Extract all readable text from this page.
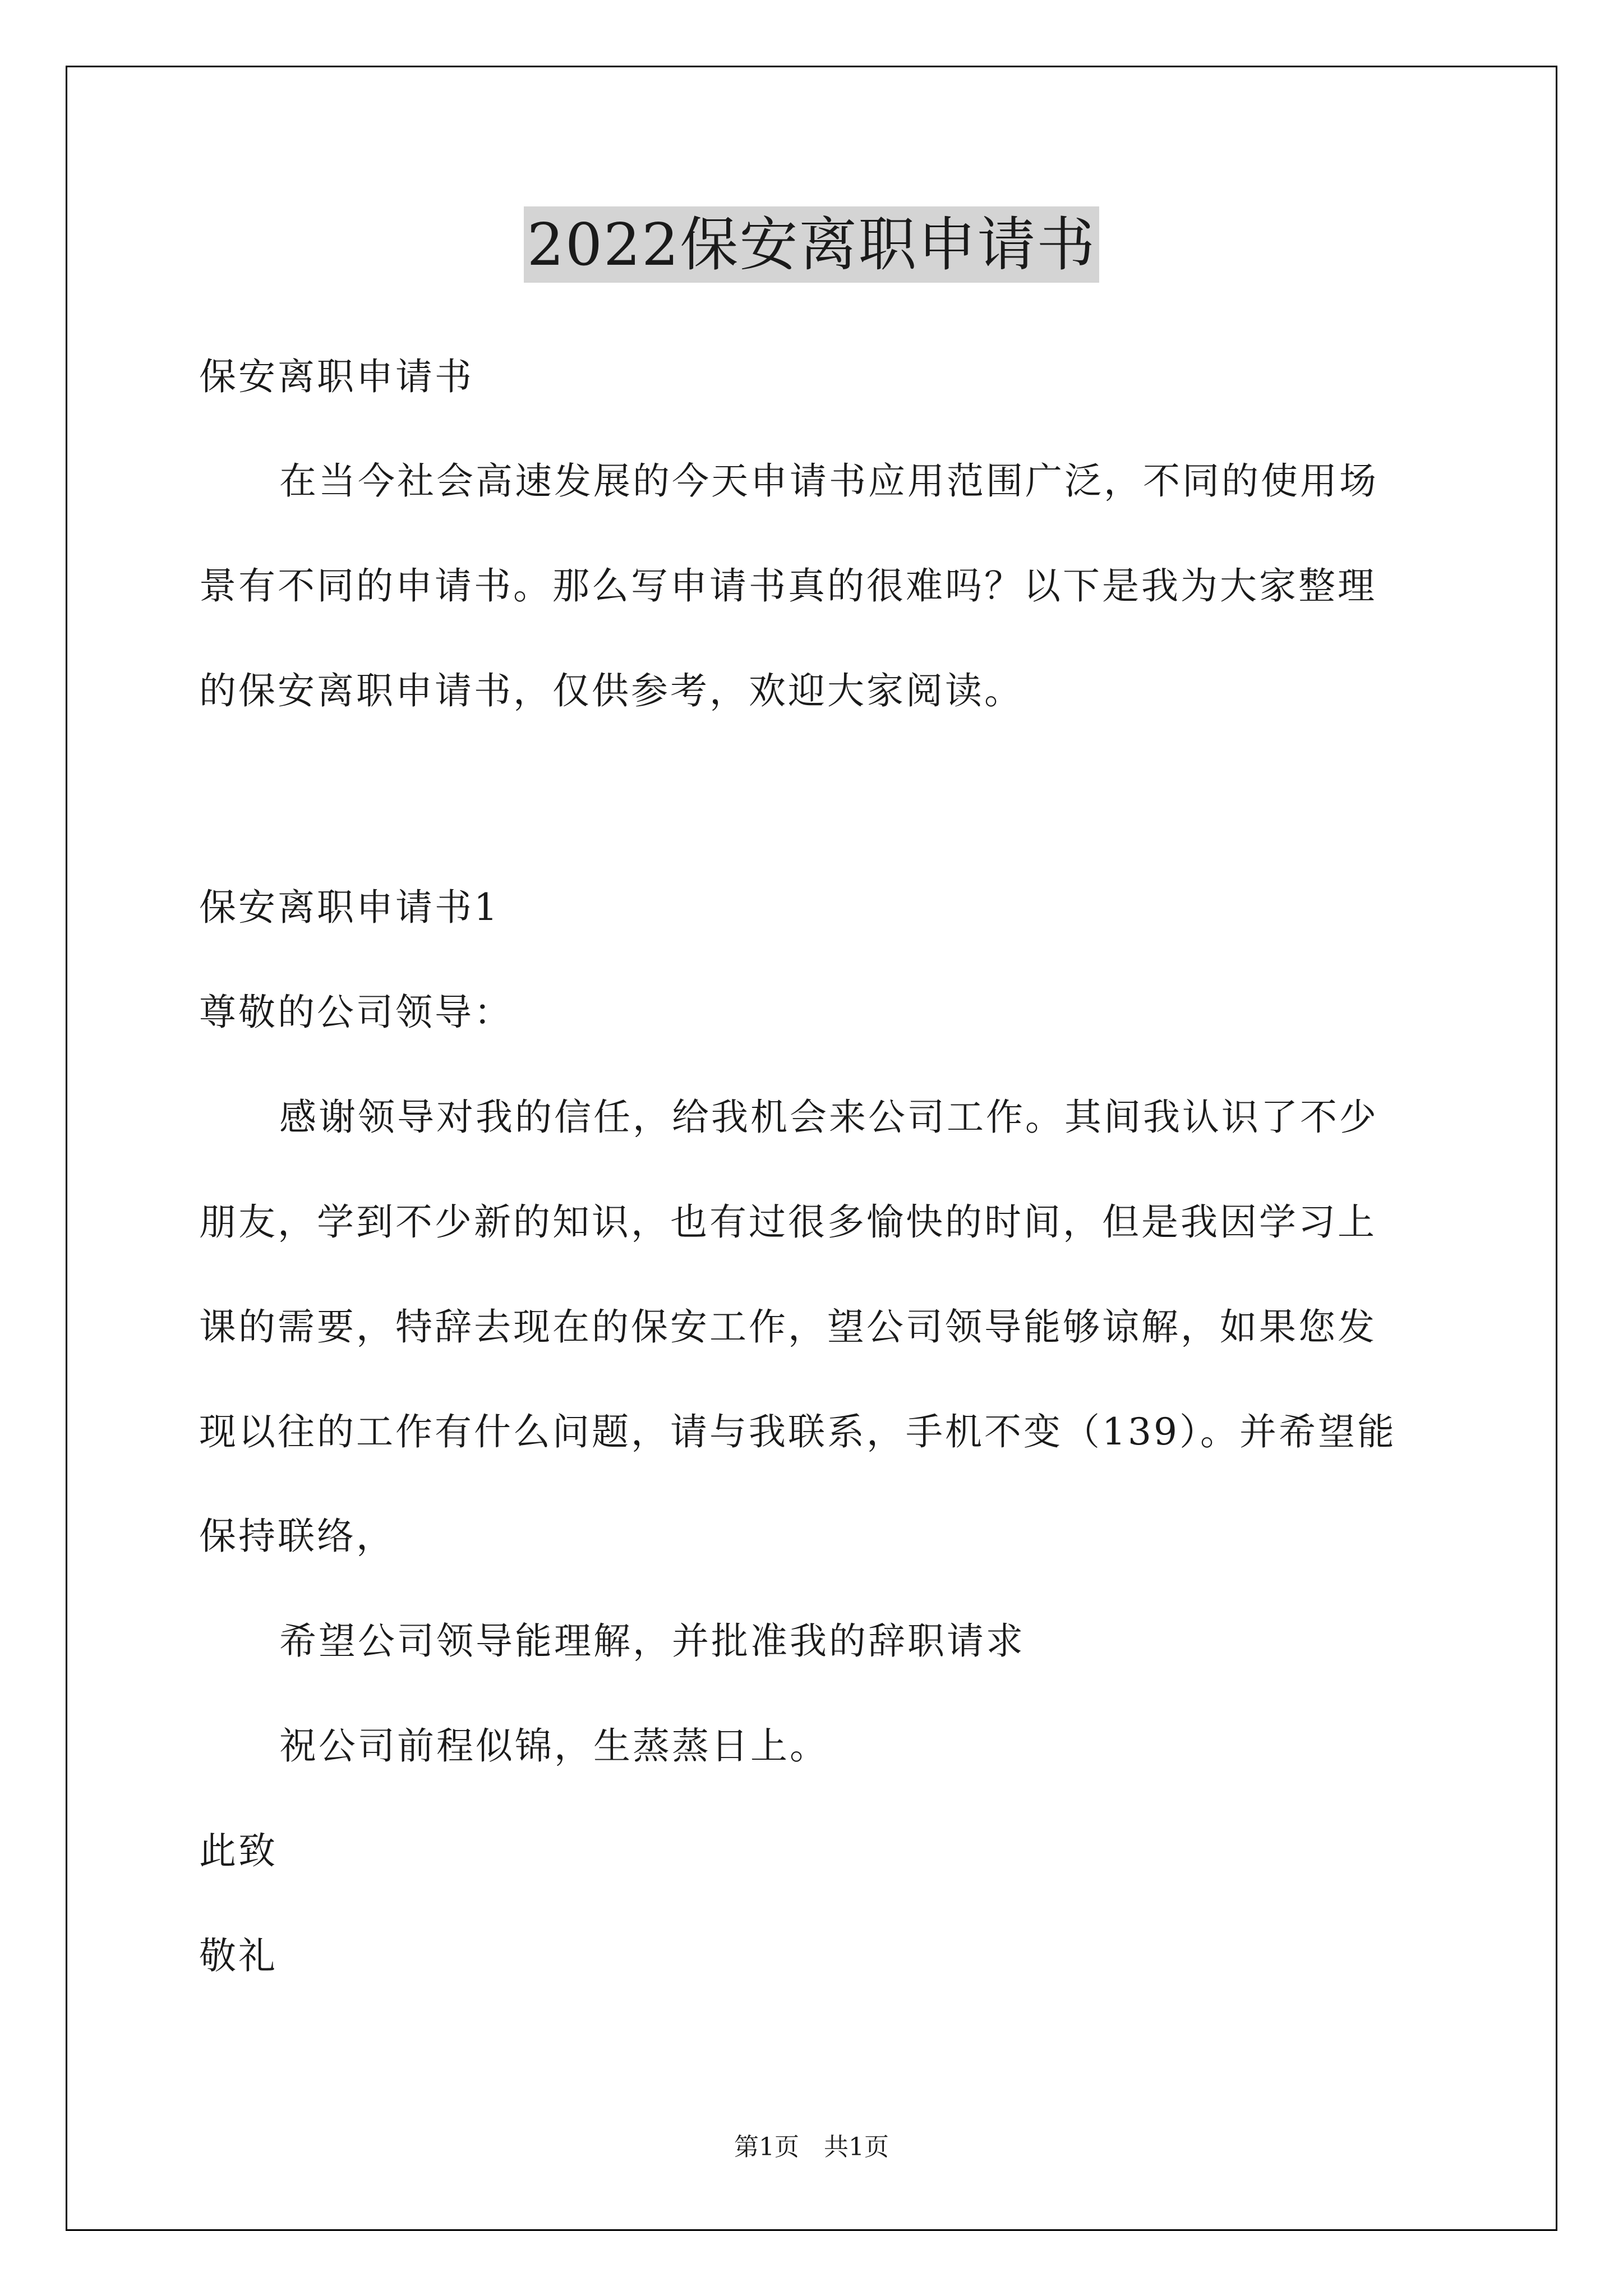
2022保安离职申请书
保安离职申请书
在当今社会高速发展的今天申请书应用范围广泛，不同的使用场
景有不同的申请书。那么写申请书真的很难吗？以下是我为大家整理
的保安离职申请书，仅供参考，欢迎大家阅读。
保安离职申请书1
尊敬的公司领导：
感谢领导对我的信任，给我机会来公司工作。其间我认识了不少
朋友，学到不少新的知识，也有过很多愉快的时间，但是我因学习上
课的需要，特辞去现在的保安工作，望公司领导能够谅解，如果您发
现以往的工作有什么问题，请与我联系，手机不变（139）。并希望能
保持联络，
希望公司领导能理解，并批准我的辞职请求
祝公司前程似锦，生蒸蒸日上。
此致
敬礼
第1页　共1页
